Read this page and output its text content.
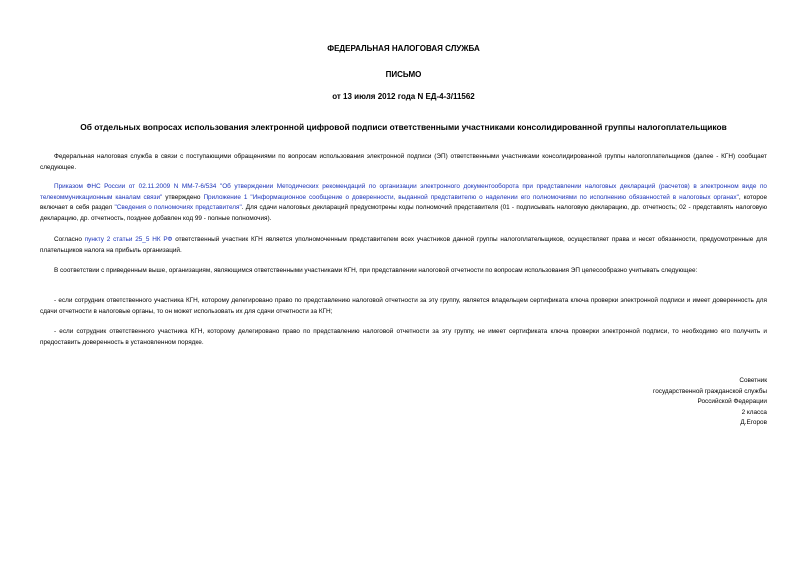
ФЕДЕРАЛЬНАЯ НАЛОГОВАЯ СЛУЖБА
ПИСЬМО
от 13 июля 2012 года N ЕД-4-3/11562
Об отдельных вопросах использования электронной цифровой подписи ответственными участниками консолидированной группы налогоплательщиков
Федеральная налоговая служба в связи с поступающими обращениями по вопросам использования электронной подписи (ЭП) ответственными участниками консолидированной группы налогоплательщиков (далее - КГН) сообщает следующее.
Приказом ФНС России от 02.11.2009 N ММ-7-6/534 "Об утверждении Методических рекомендаций по организации электронного документооборота при представлении налоговых деклараций (расчетов) в электронном виде по телекоммуникационным каналам связи" утверждено Приложение 1 "Информационное сообщение о доверенности, выданной представителю о наделении его полномочиями по исполнению обязанностей в налоговых органах", которое включает в себя раздел "Сведения о полномочиях представителя". Для сдачи налоговых деклараций предусмотрены коды полномочий представителя (01 - подписывать налоговую декларацию, др. отчетность; 02 - представлять налоговую декларацию, др. отчетность, позднее добавлен код 99 - полные полномочия).
Согласно пункту 2 статьи 25_5 НК РФ ответственный участник КГН является уполномоченным представителем всех участников данной группы налогоплательщиков, осуществляет права и несет обязанности, предусмотренные для плательщиков налога на прибыль организаций.
В соответствии с приведенным выше, организациям, являющимся ответственными участниками КГН, при представлении налоговой отчетности по вопросам использования ЭП целесообразно учитывать следующее:
- если сотрудник ответственного участника КГН, которому делегировано право по представлению налоговой отчетности за эту группу, является владельцем сертификата ключа проверки электронной подписи и имеет доверенность для сдачи отчетности в налоговые органы, то он может использовать их для сдачи отчетности за КГН;
- если сотрудник ответственного участника КГН, которому делегировано право по представлению налоговой отчетности за эту группу, не имеет сертификата ключа проверки электронной подписи, то необходимо его получить и предоставить доверенность в установленном порядке.
Советник
государственной гражданской службы
Российской Федерации
2 класса
Д.Егоров
